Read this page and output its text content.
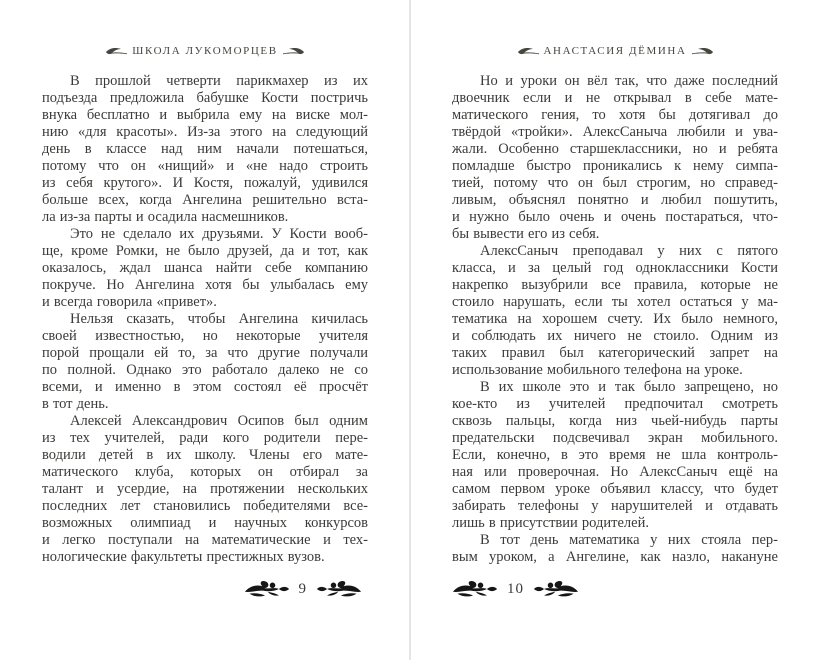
ШКОЛА ЛУКОМОРЦЕВ
В прошлой четверти парикмахер из их
подъезда предложила бабушке Кости постричь
внука бесплатно и выбрила ему на виске мол-
нию «для красоты». Из-за этого на следующий
день в классе над ним начали потешаться,
потому что он «нищий» и «не надо строить
из себя крутого». И Костя, пожалуй, удивился
больше всех, когда Ангелина решительно вста-
ла из-за парты и осадила насмешников.
Это не сделало их друзьями. У Кости вооб-
ще, кроме Ромки, не было друзей, да и тот, как
оказалось, ждал шанса найти себе компанию
покруче. Но Ангелина хотя бы улыбалась ему
и всегда говорила «привет».
Нельзя сказать, чтобы Ангелина кичилась
своей известностью, но некоторые учителя
порой прощали ей то, за что другие получали
по полной. Однако это работало далеко не со
всеми, и именно в этом состоял её просчёт
в тот день.
Алексей Александрович Осипов был одним
из тех учителей, ради кого родители пере-
водили детей в их школу. Члены его мате-
матического клуба, которых он отбирал за
талант и усердие, на протяжении нескольких
последних лет становились победителями все-
возможных олимпиад и научных конкурсов
и легко поступали на математические и тех-
нологические факультеты престижных вузов.
9
АНАСТАСИЯ ДЁМИНА
Но и уроки он вёл так, что даже последний
двоечник если и не открывал в себе мате-
матического гения, то хотя бы дотягивал до
твёрдой «тройки». АлексСаныча любили и ува-
жали. Особенно старшеклассники, но и ребята
помладше быстро проникались к нему симпа-
тией, потому что он был строгим, но справед-
ливым, объяснял понятно и любил пошутить,
и нужно было очень и очень постараться, что-
бы вывести его из себя.
АлексСаныч преподавал у них с пятого
класса, и за целый год одноклассники Кости
накрепко вызубрили все правила, которые не
стоило нарушать, если ты хотел остаться у ма-
тематика на хорошем счету. Их было немного,
и соблюдать их ничего не стоило. Одним из
таких правил был категорический запрет на
использование мобильного телефона на уроке.
В их школе это и так было запрещено, но
кое-кто из учителей предпочитал смотреть
сквозь пальцы, когда низ чьей-нибудь парты
предательски подсвечивал экран мобильного.
Если, конечно, в это время не шла контроль-
ная или проверочная. Но АлексСаныч ещё на
самом первом уроке объявил классу, что будет
забирать телефоны у нарушителей и отдавать
лишь в присутствии родителей.
В тот день математика у них стояла пер-
вым уроком, а Ангелине, как назло, накануне
10
